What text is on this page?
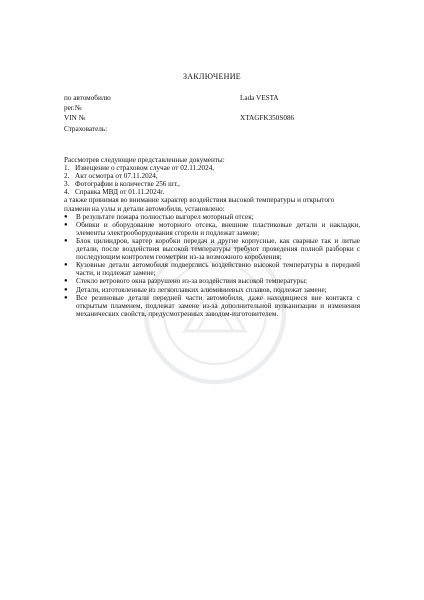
ЗАКЛЮЧЕНИЕ
по автомобилю	Lada VESTA
рег.№
VIN №	XTAGFK350S086
Страхователь:

Рассмотрев следующие представленные документы:

1. Извещение о страховом случае от 02.11.2024,
2. Акт осмотра от 07.11.2024,
3. Фотографии в количестве 256 шт.,
4. Справка МВД от 01.11.2024г.

а также принимая во внимание характер воздействия высокой температуры и открытого пламени на узлы и детали автомобиля, установлено:

●	В результате пожара полностью выгорел моторный отсек;
●	Обивки и оборудование моторного отсека, внешние пластиковые детали и накладки, элементы электрооборудования сгорели и подлежат замене;
●	Блок цилиндров, картер коробки передач и другие корпусные, как сварные так и литые детали, после воздействия высокой температуры требуют проведения полной разборки с последующим контролем геометрии из-за возможного коробления;
●	Кузовные детали автомобиля подверглись воздействию высокой температуры в передней части, и подлежат замене;
●	Стекло ветрового окна разрушено из-за воздействия высокой температуры;
●	Детали, изготовленные из легкоплавких алюминиевых сплавов, подлежат замене;
●	Все резиновые детали передней части автомобиля, даже находящиеся вне контакта с открытым пламенем, подлежат замене из-за дополнительной вулканизации и изменения механических свойств, предусмотренных заводом-изготовителем.
